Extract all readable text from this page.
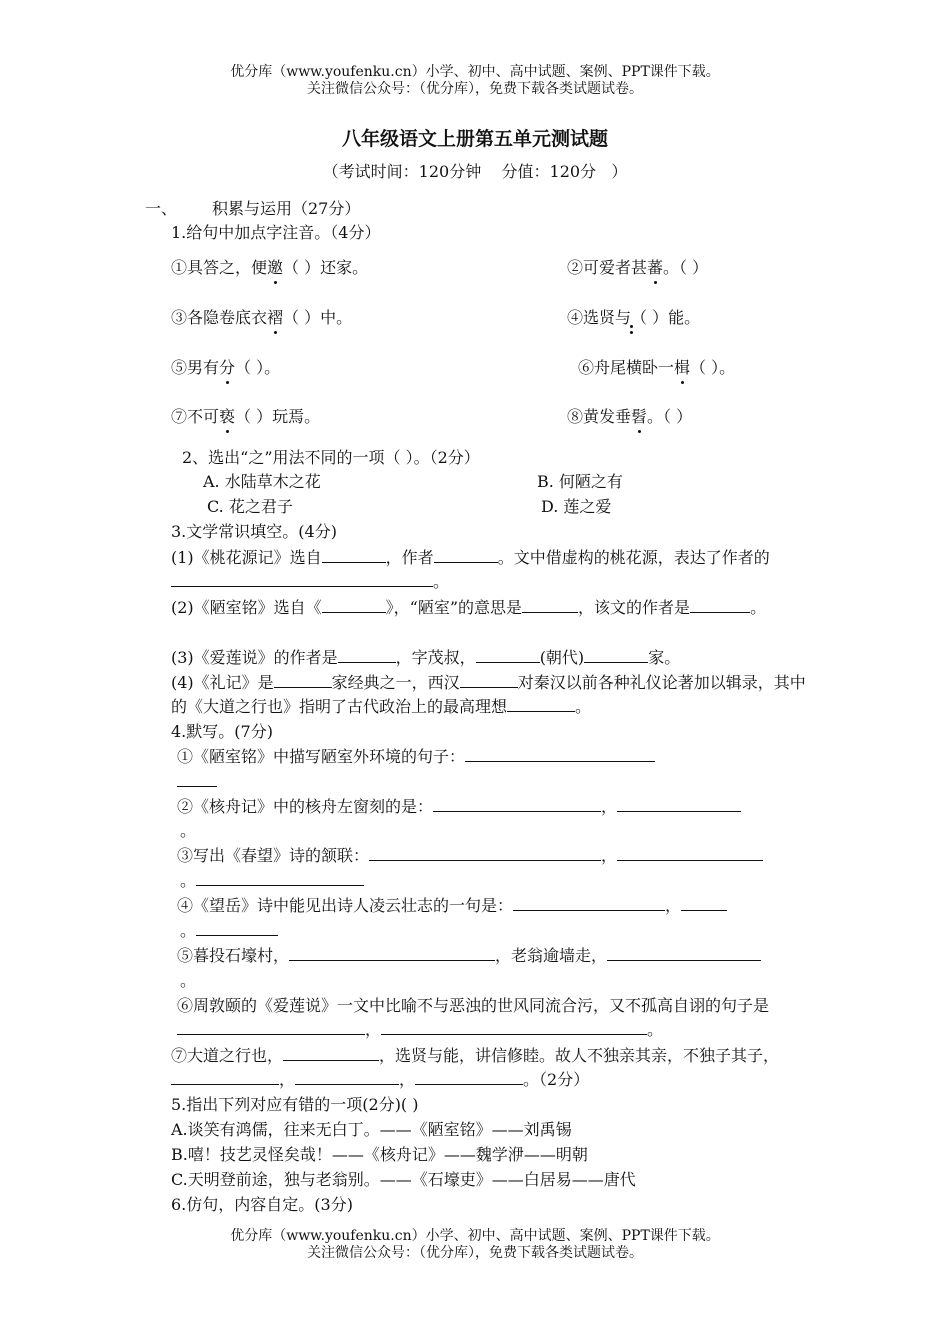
优分库（www.youfenku.cn）小学、初中、高中试题、案例、PPT课件下载。
关注微信公众号：（优分库），免费下载各类试题试卷。
八年级语文上册第五单元测试题
（考试时间：120分钟    分值：120分   ）
一、 积累与运用（27分）
1.给句中加点字注音。（4分）
①具答之，便邀（ ）还家。	②可爱者甚蕃。（ ）
③各隐卷底衣褶（ ）中。	④选贤与（ ）能。
⑤男有分（ ）。	⑥舟尾横卧一楫（ ）。
⑦不可亵（ ）玩焉。	⑧黄发垂髫。（ ）
2、选出“之”用法不同的一项（ ）。（2分）
A. 水陆草木之花	B. 何陋之有
C. 花之君子	D. 莲之爱
3.文学常识填空。(4分)
(1)《桃花源记》选自	，作者	。文中借虚构的桃花源，表达了作者的。
(2)《陋室铭》选自《	》，“陋室”的意思是	，该文的作者是	。
(3)《爱莲说》的作者是	，字茂叔，	(朝代)	家。
(4)《礼记》是	家经典之一，西汉	对秦汉以前各种礼仪论著加以辑录，其中的《大道之行也》指明了古代政治上的最高理想	。
4.默写。(7分)
①《陋室铭》中描写陋室外环境的句子：
②《核舟记》中的核舟左窗刻的是：	，
。
③写出《春望》诗的颔联：	，
。
④《望岳》诗中能见出诗人凌云壮志的一句是：	，
。
⑤暮投石壕村，	，老翁逾墙走，
。
⑥周敦颐的《爱莲说》一文中比喻不与恶浊的世风同流合污，又不孤高自诩的句子是，	。
⑦大道之行也，	，选贤与能，讲信修睦。故人不独亲其亲，不独子其子，，	，	。（2分）
5.指出下列对应有错的一项(2分)( )
A.谈笑有鸿儒，往来无白丁。——《陋室铭》——刘禹锡
B.嘻！技艺灵怪矣哉！——《核舟记》——魏学洢——明朝
C.天明登前途，独与老翁别。——《石壕吏》——白居易——唐代
6.仿句，内容自定。(3分)
优分库（www.youfenku.cn）小学、初中、高中试题、案例、PPT课件下载。
关注微信公众号：（优分库），免费下载各类试题试卷。
